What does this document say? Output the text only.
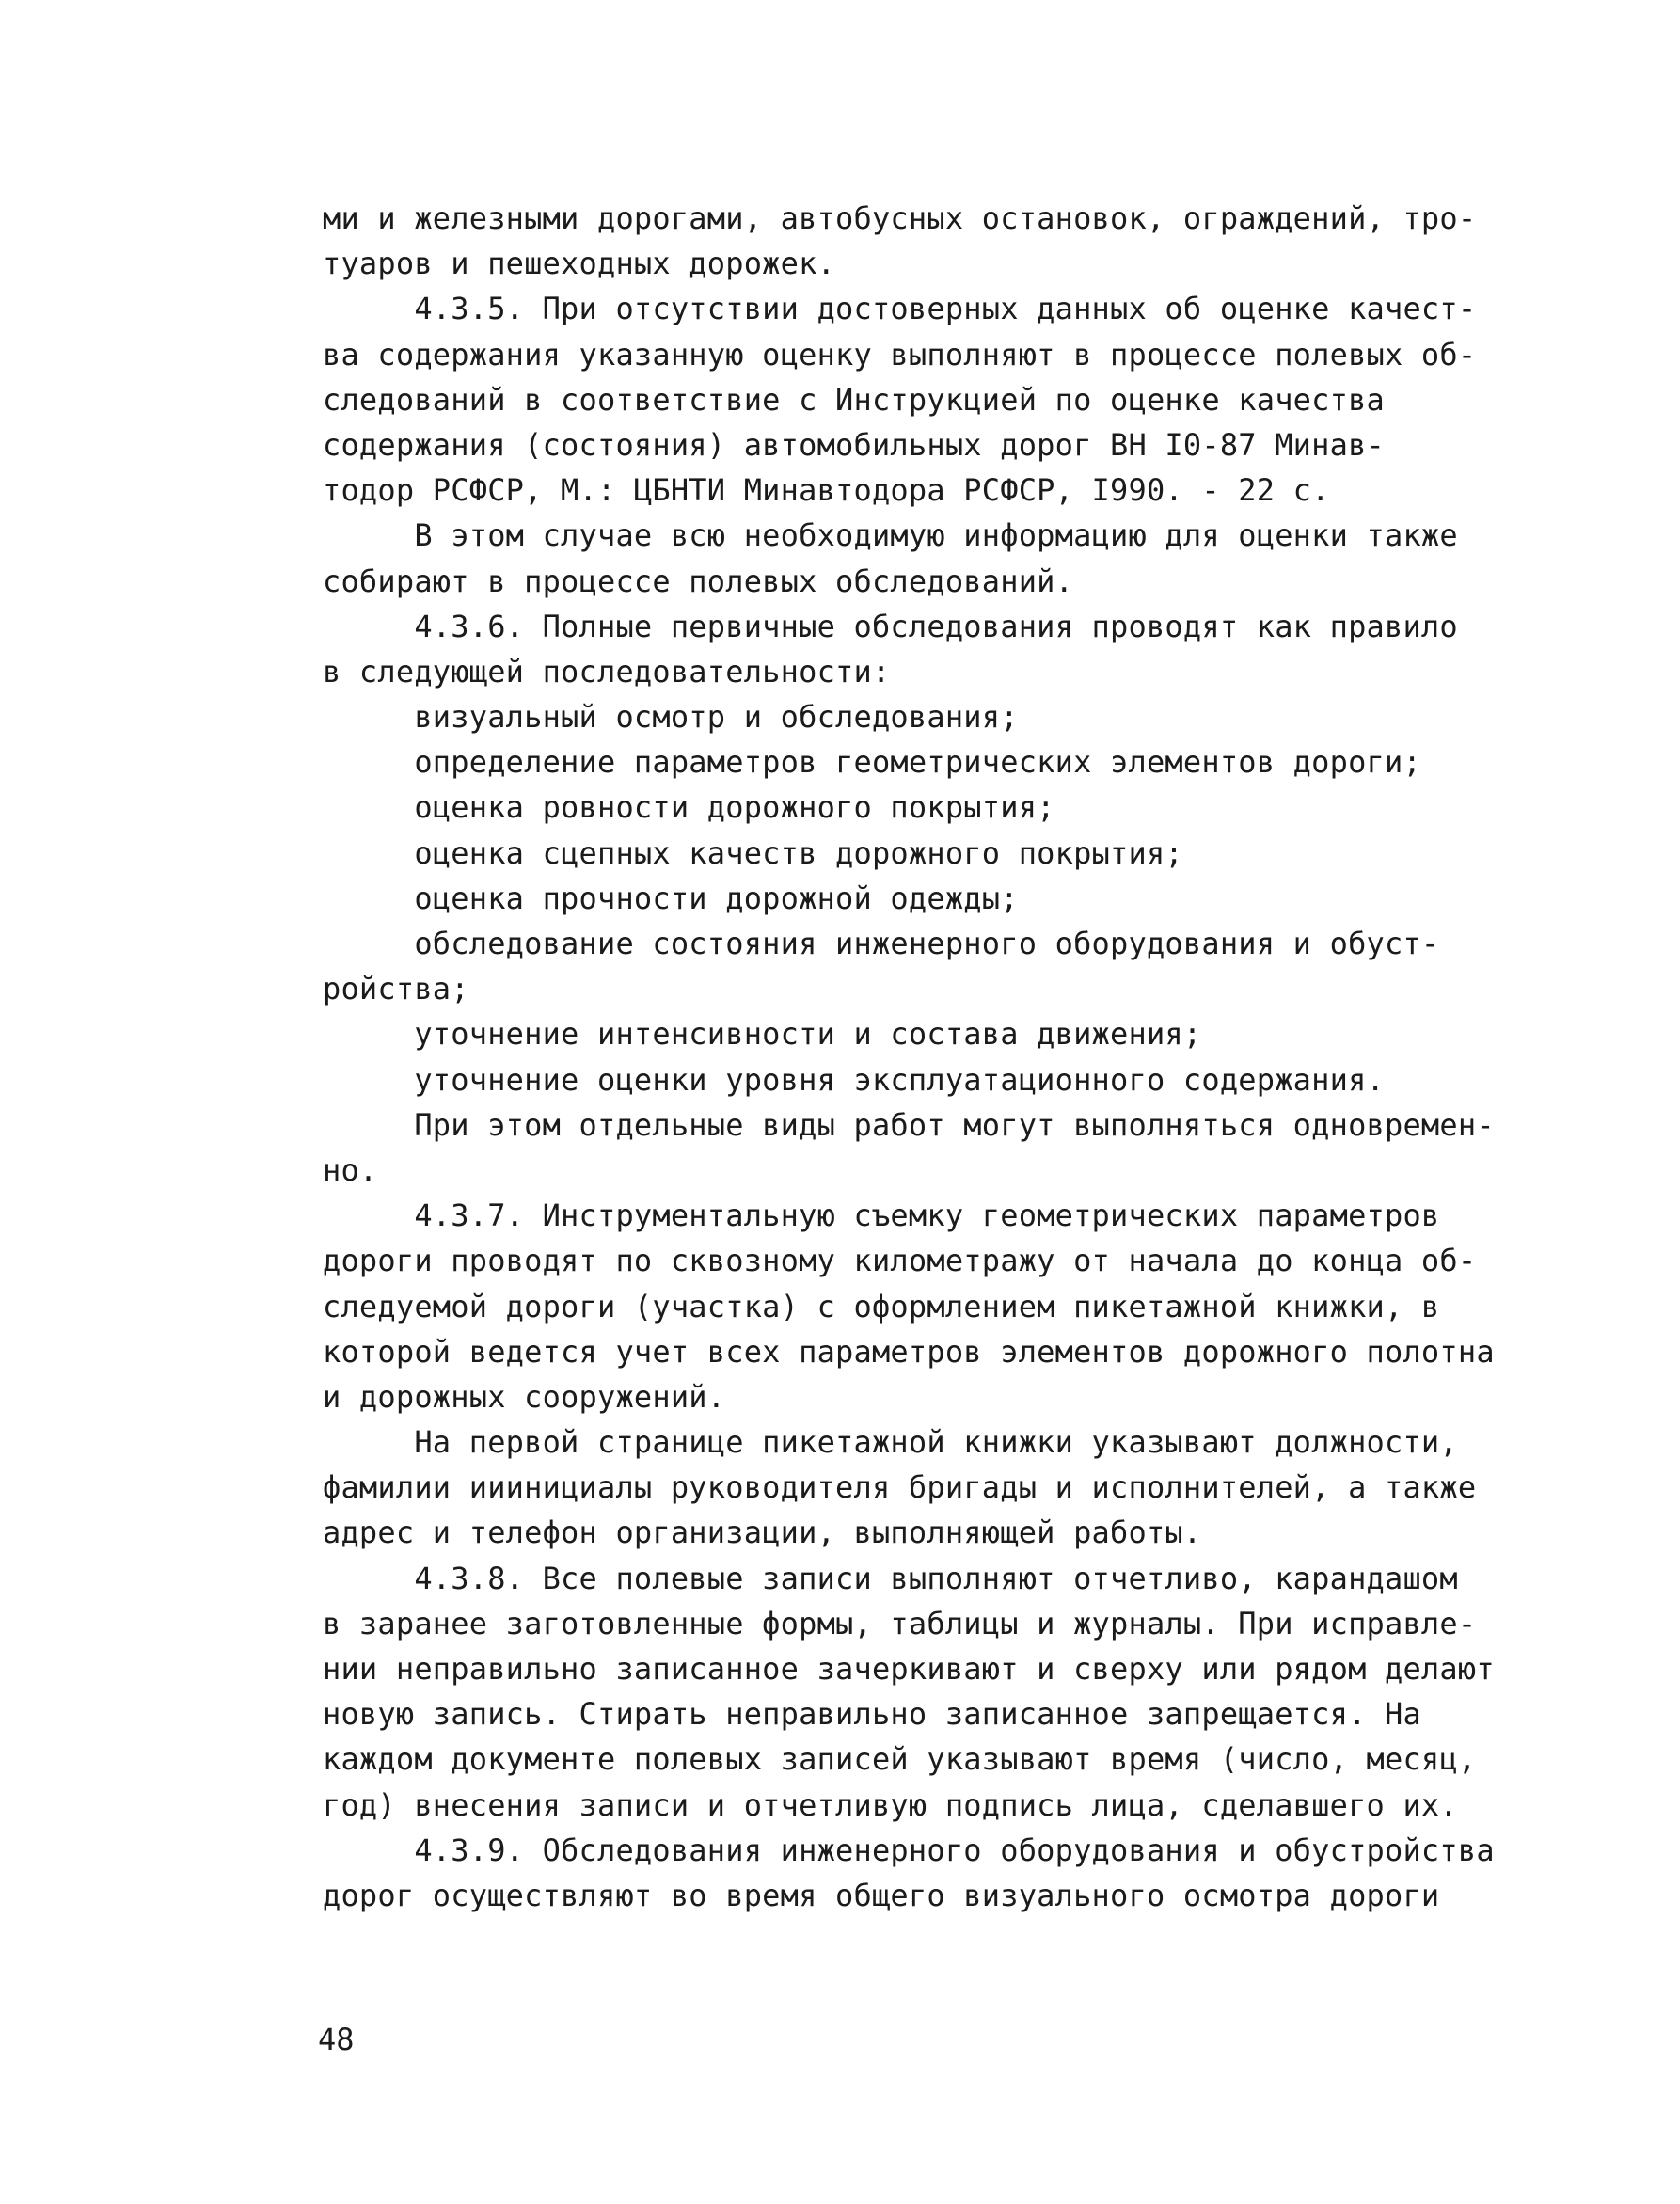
ми и железными дорогами, автобусных остановок, ограждений, тро-
туаров и пешеходных дорожек.
4.3.5. При отсутствии достоверных данных об оценке качест-
ва содержания указанную оценку выполняют в процессе полевых об-
следований в соответствие с Инструкцией по оценке качества
содержания (состояния) автомобильных дорог ВН I0-87 Минав-
тодор РСФСР, М.: ЦБНТИ Минавтодора РСФСР, I990. - 22 с.
В этом случае всю необходимую информацию для оценки также
собирают в процессе полевых обследований.
4.3.6. Полные первичные обследования проводят как правило
в следующей последовательности:
визуальный осмотр и обследования;
определение параметров геометрических элементов дороги;
оценка ровности дорожного покрытия;
оценка сцепных качеств дорожного покрытия;
оценка прочности дорожной одежды;
обследование состояния инженерного оборудования и обуст-
ройства;
уточнение интенсивности и состава движения;
уточнение оценки уровня эксплуатационного содержания.
При этом отдельные виды работ могут выполняться одновремен-
но.
4.3.7. Инструментальную съемку геометрических параметров
дороги проводят по сквозному километражу от начала до конца об-
следуемой дороги (участка) с оформлением пикетажной книжки, в
которой ведется учет всех параметров элементов дорожного полотна
и дорожных сооружений.
На первой странице пикетажной книжки указывают должности,
фамилии ииинициалы руководителя бригады и исполнителей, а также
адрес и телефон организации, выполняющей работы.
4.3.8. Все полевые записи выполняют отчетливо, карандашом
в заранее заготовленные формы, таблицы и журналы. При исправле-
нии неправильно записанное зачеркивают и сверху или рядом делают
новую запись. Стирать неправильно записанное запрещается. На
каждом документе полевых записей указывают время (число, месяц,
год) внесения записи и отчетливую подпись лица, сделавшего их.
4.3.9. Обследования инженерного оборудования и обустройства
дорог осуществляют во время общего визуального осмотра дороги
48
